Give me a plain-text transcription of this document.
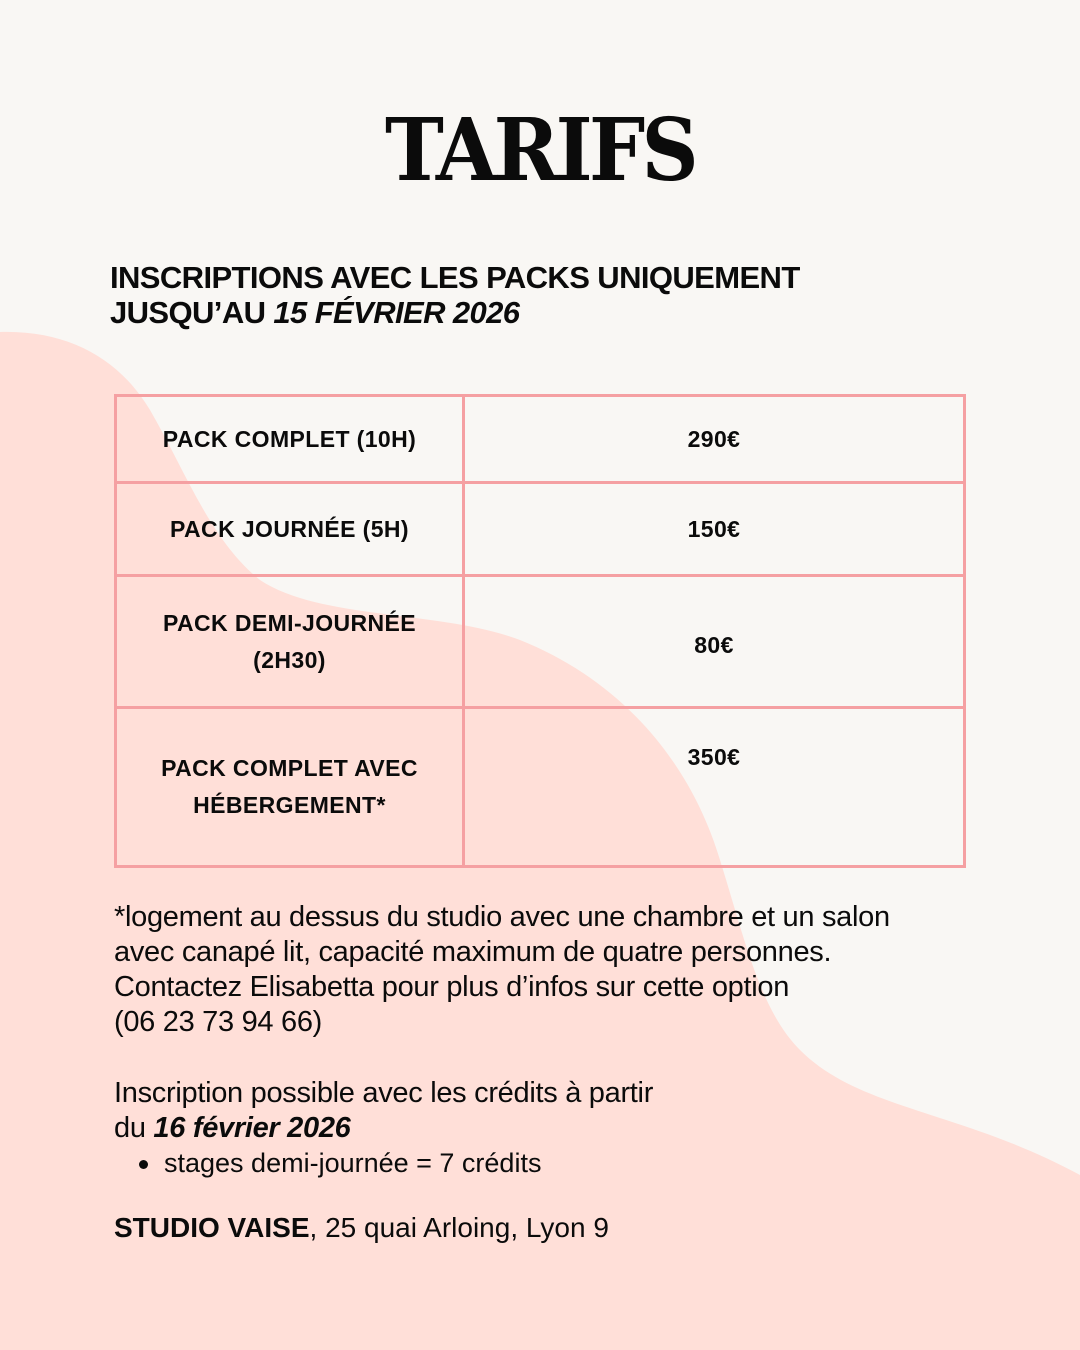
TARIFS
INSCRIPTIONS AVEC LES PACKS UNIQUEMENT
JUSQU’AU 15 FÉVRIER 2026
PACK COMPLET (10H)	290€
PACK JOURNÉE (5H)	150€
PACK DEMI-JOURNÉE
(2H30)	80€
PACK COMPLET AVEC
HÉBERGEMENT*	350€
*logement au dessus du studio avec une chambre et un salon
avec canapé lit, capacité maximum de quatre personnes.
Contactez Elisabetta pour plus d’infos sur cette option
(06 23 73 94 66)
Inscription possible avec les crédits à partir
du 16 février 2026
stages demi-journée = 7 crédits
STUDIO VAISE, 25 quai Arloing, Lyon 9
